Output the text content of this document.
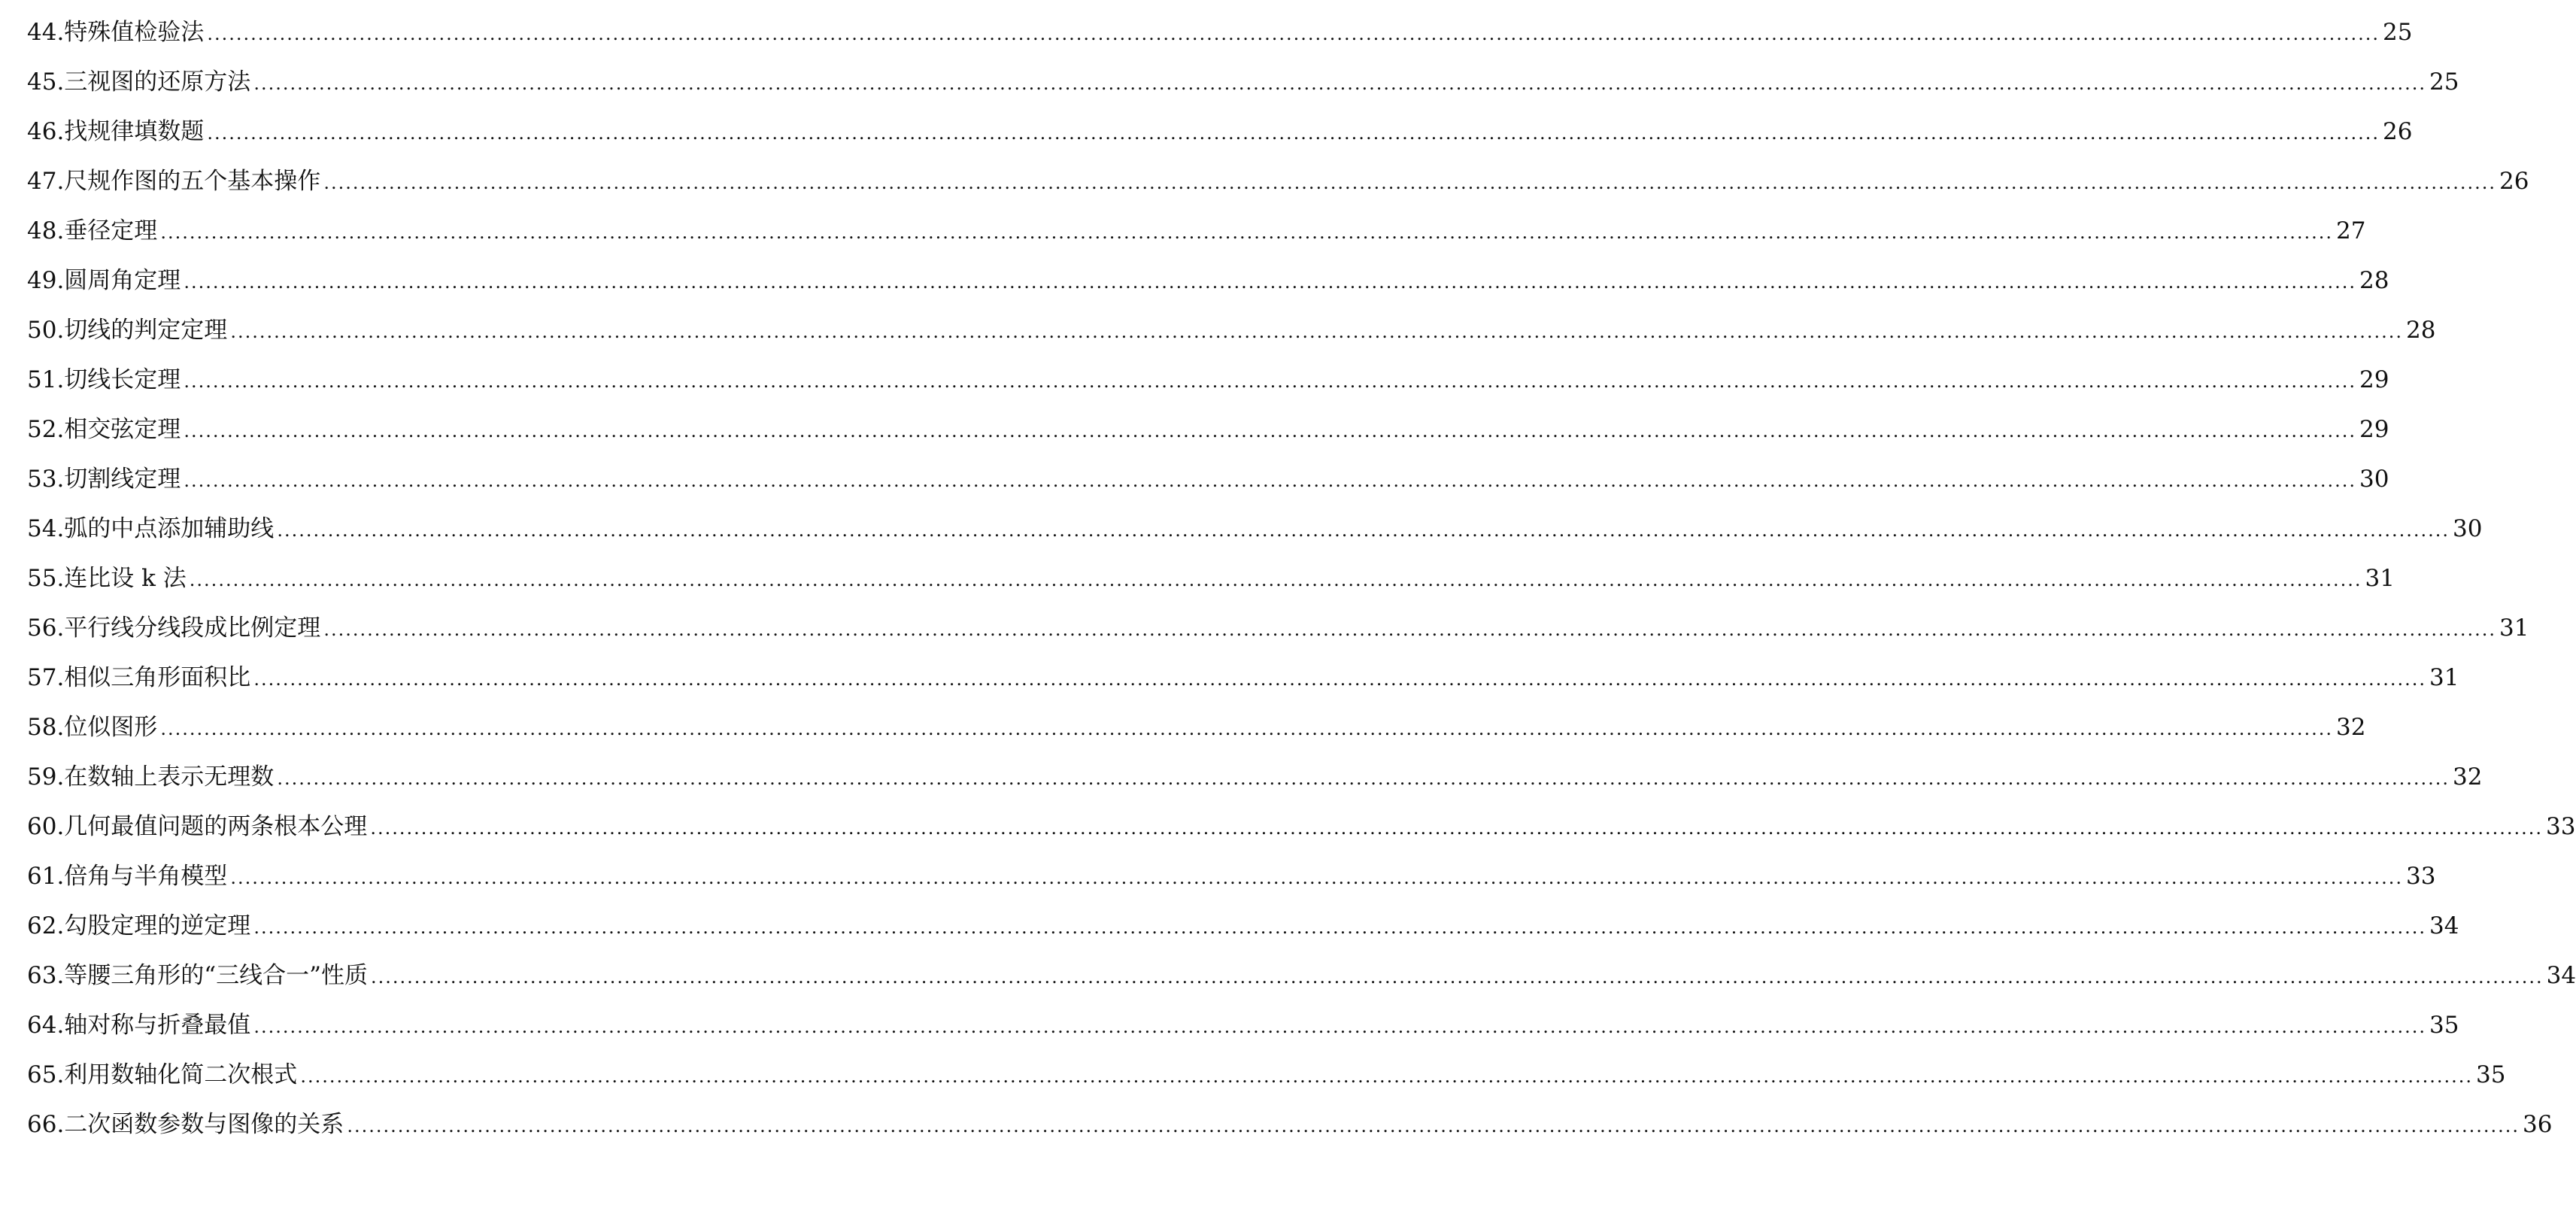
44.特殊值检验法 ............................................................................................................................................................................................................................................................................................................ 25
45.三视图的还原方法 ............................................................................................................................................................................................................................................................................................................ 25
46.找规律填数题 ............................................................................................................................................................................................................................................................................................................ 26
47.尺规作图的五个基本操作 ............................................................................................................................................................................................................................................................................................................ 26
48.垂径定理 ............................................................................................................................................................................................................................................................................................................ 27
49.圆周角定理 ............................................................................................................................................................................................................................................................................................................ 28
50.切线的判定定理 ............................................................................................................................................................................................................................................................................................................ 28
51.切线长定理 ............................................................................................................................................................................................................................................................................................................ 29
52.相交弦定理 ............................................................................................................................................................................................................................................................................................................ 29
53.切割线定理 ............................................................................................................................................................................................................................................................................................................ 30
54.弧的中点添加辅助线 ............................................................................................................................................................................................................................................................................................................ 30
55.连比设 k 法 ............................................................................................................................................................................................................................................................................................................ 31
56.平行线分线段成比例定理 ............................................................................................................................................................................................................................................................................................................ 31
57.相似三角形面积比 ............................................................................................................................................................................................................................................................................................................ 31
58.位似图形 ............................................................................................................................................................................................................................................................................................................ 32
59.在数轴上表示无理数 ............................................................................................................................................................................................................................................................................................................ 32
60.几何最值问题的两条根本公理 ............................................................................................................................................................................................................................................................................................................ 33
61.倍角与半角模型 ............................................................................................................................................................................................................................................................................................................ 33
62.勾股定理的逆定理 ............................................................................................................................................................................................................................................................................................................ 34
63.等腰三角形的“三线合一”性质 ............................................................................................................................................................................................................................................................................................................ 34
64.轴对称与折叠最值 ............................................................................................................................................................................................................................................................................................................ 35
65.利用数轴化简二次根式 ............................................................................................................................................................................................................................................................................................................ 35
66.二次函数参数与图像的关系 ............................................................................................................................................................................................................................................................................................................ 36
